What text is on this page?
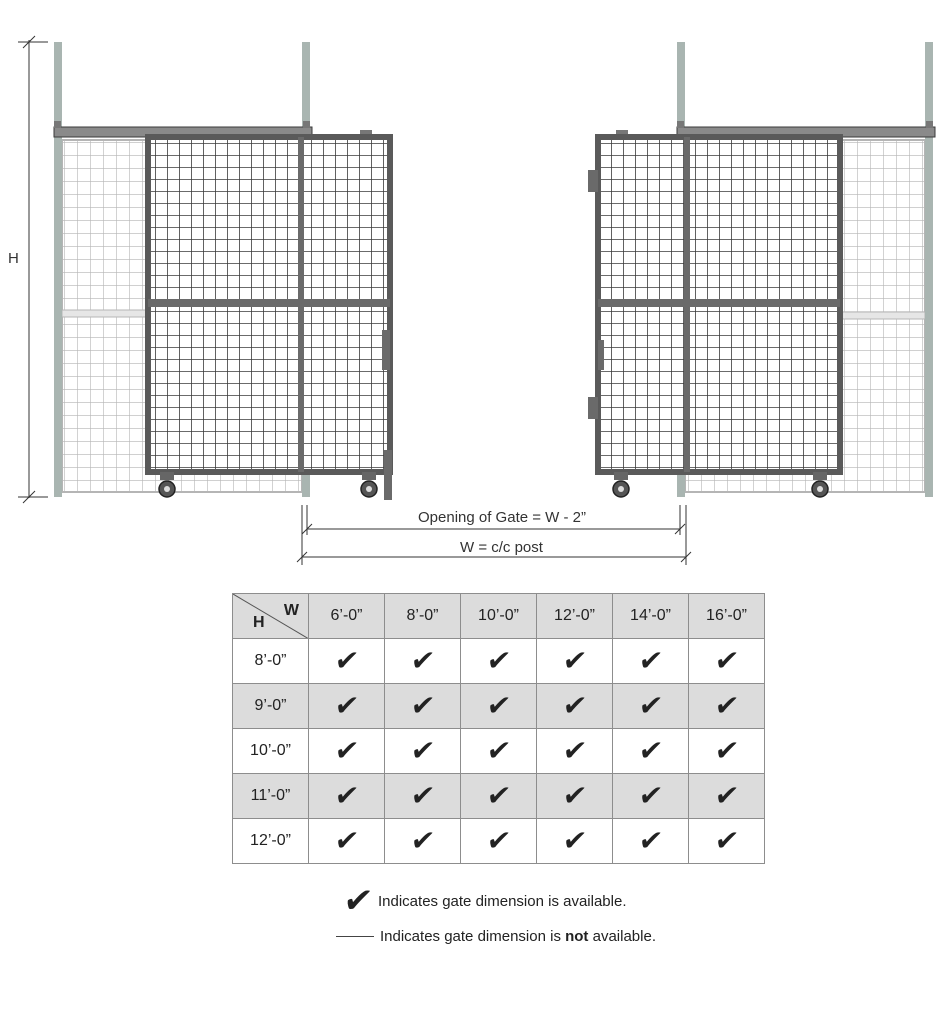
H
Opening of Gate = W - 2”
W = c/c post
W
H	6’-0”	8’-0”	10’-0”	12’-0”	14’-0”	16’-0”
8’-0”	✔	✔	✔	✔	✔	✔
9’-0”	✔	✔	✔	✔	✔	✔
10’-0”	✔	✔	✔	✔	✔	✔
11’-0”	✔	✔	✔	✔	✔	✔
12’-0”	✔	✔	✔	✔	✔	✔
✔ Indicates gate dimension is available.
Indicates gate dimension is not available.
